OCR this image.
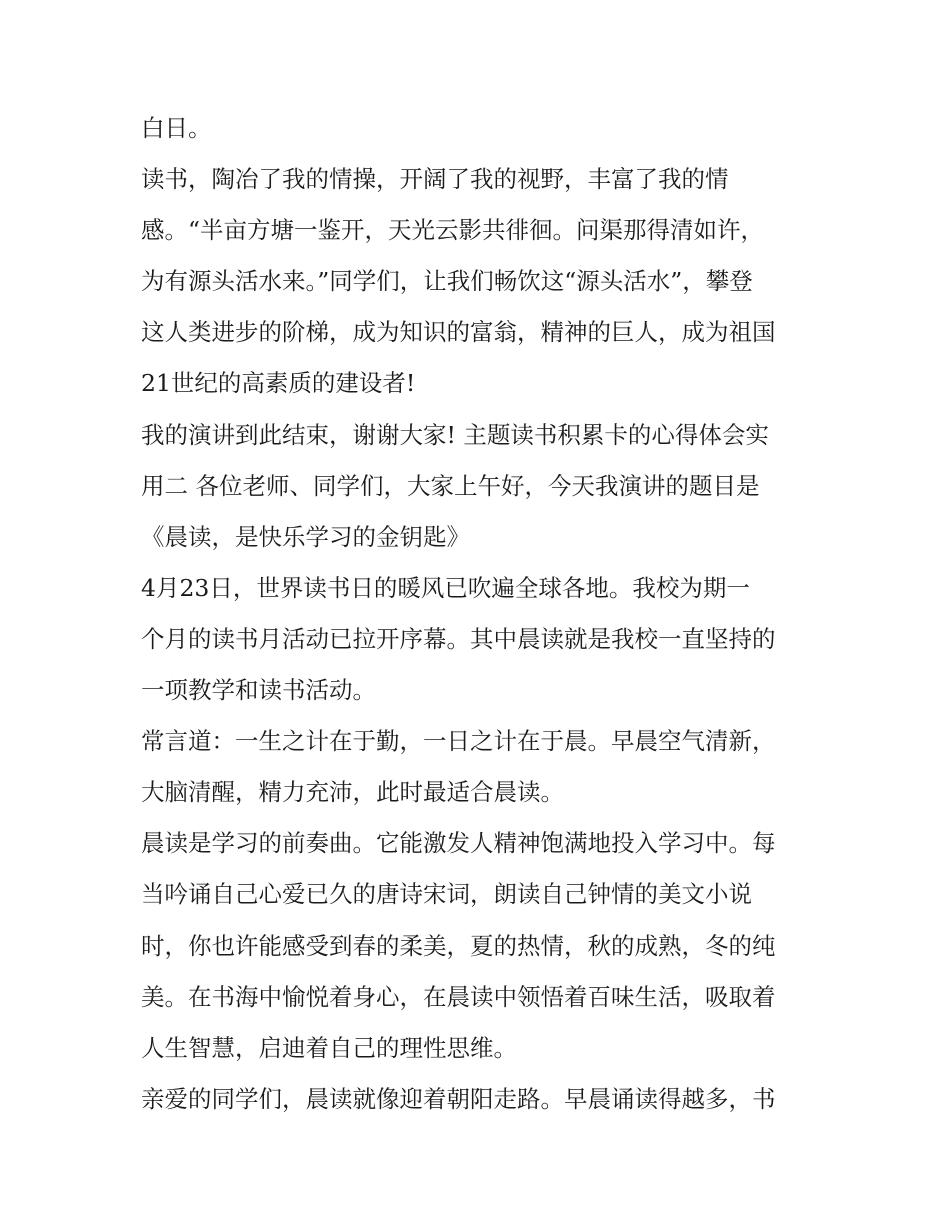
白日。
读书，陶冶了我的情操，开阔了我的视野，丰富了我的情
感。“半亩方塘一鉴开，天光云影共徘徊。问渠那得清如许，
为有源头活水来。”同学们，让我们畅饮这“源头活水”，攀登
这人类进步的阶梯，成为知识的富翁，精神的巨人，成为祖国
21世纪的高素质的建设者!
我的演讲到此结束，谢谢大家! 主题读书积累卡的心得体会实
用二 各位老师、同学们，大家上午好，今天我演讲的题目是
《晨读，是快乐学习的金钥匙》
4月23日，世界读书日的暖风已吹遍全球各地。我校为期一
个月的读书月活动已拉开序幕。其中晨读就是我校一直坚持的
一项教学和读书活动。
常言道：一生之计在于勤，一日之计在于晨。早晨空气清新，
大脑清醒，精力充沛，此时最适合晨读。
晨读是学习的前奏曲。它能激发人精神饱满地投入学习中。每
当吟诵自己心爱已久的唐诗宋词，朗读自己钟情的美文小说
时，你也许能感受到春的柔美，夏的热情，秋的成熟，冬的纯
美。在书海中愉悦着身心，在晨读中领悟着百味生活，吸取着
人生智慧，启迪着自己的理性思维。
亲爱的同学们，晨读就像迎着朝阳走路。早晨诵读得越多，书
